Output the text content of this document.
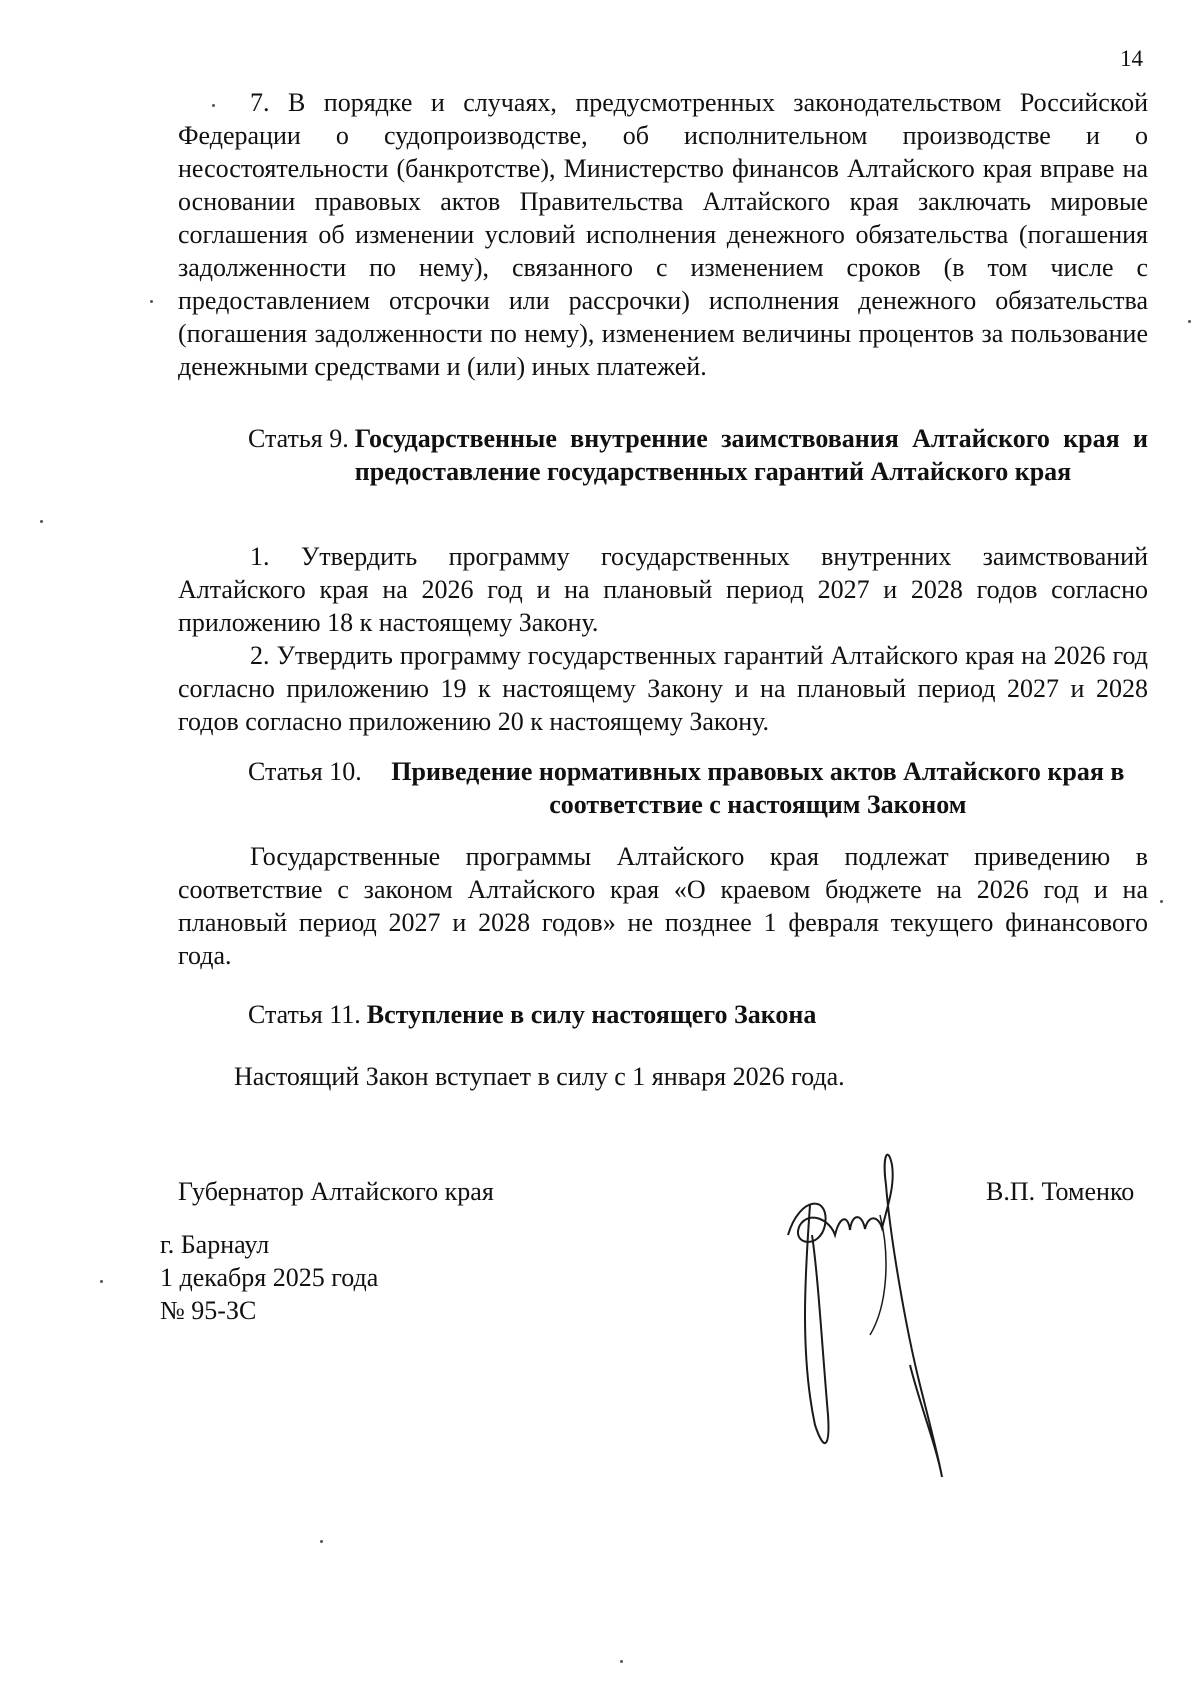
14

7. В порядке и случаях, предусмотренных законодательством Российской Федерации о судопроизводстве, об исполнительном производстве и о несостоятельности (банкротстве), Министерство финансов Алтайского края вправе на основании правовых актов Правительства Алтайского края заключать мировые соглашения об изменении условий исполнения денежного обязательства (погашения задолженности по нему), связанного с изменением сроков (в том числе с предоставлением отсрочки или рассрочки) исполнения денежного обязательства (погашения задолженности по нему), изменением величины процентов за пользование денежными средствами и (или) иных платежей.

Статья 9. Государственные внутренние заимствования Алтайского края и предоставление государственных гарантий Алтайского края

1. Утвердить программу государственных внутренних заимствований Алтайского края на 2026 год и на плановый период 2027 и 2028 годов согласно приложению 18 к настоящему Закону.

2. Утвердить программу государственных гарантий Алтайского края на 2026 год согласно приложению 19 к настоящему Закону и на плановый период 2027 и 2028 годов согласно приложению 20 к настоящему Закону.

Статья 10.	Приведение нормативных правовых актов Алтайского края в соответствие с настоящим Законом

Государственные программы Алтайского края подлежат приведению в соответствие с законом Алтайского края «О краевом бюджете на 2026 год и на плановый период 2027 и 2028 годов» не позднее 1 февраля текущего финансового года.

Статья 11. Вступление в силу настоящего Закона
Настоящий Закон вступает в силу с 1 января 2026 года.
Губернатор Алтайского края	В.П. Томенко
г. Барнаул
1 декабря 2025 года
№ 95-ЗС
